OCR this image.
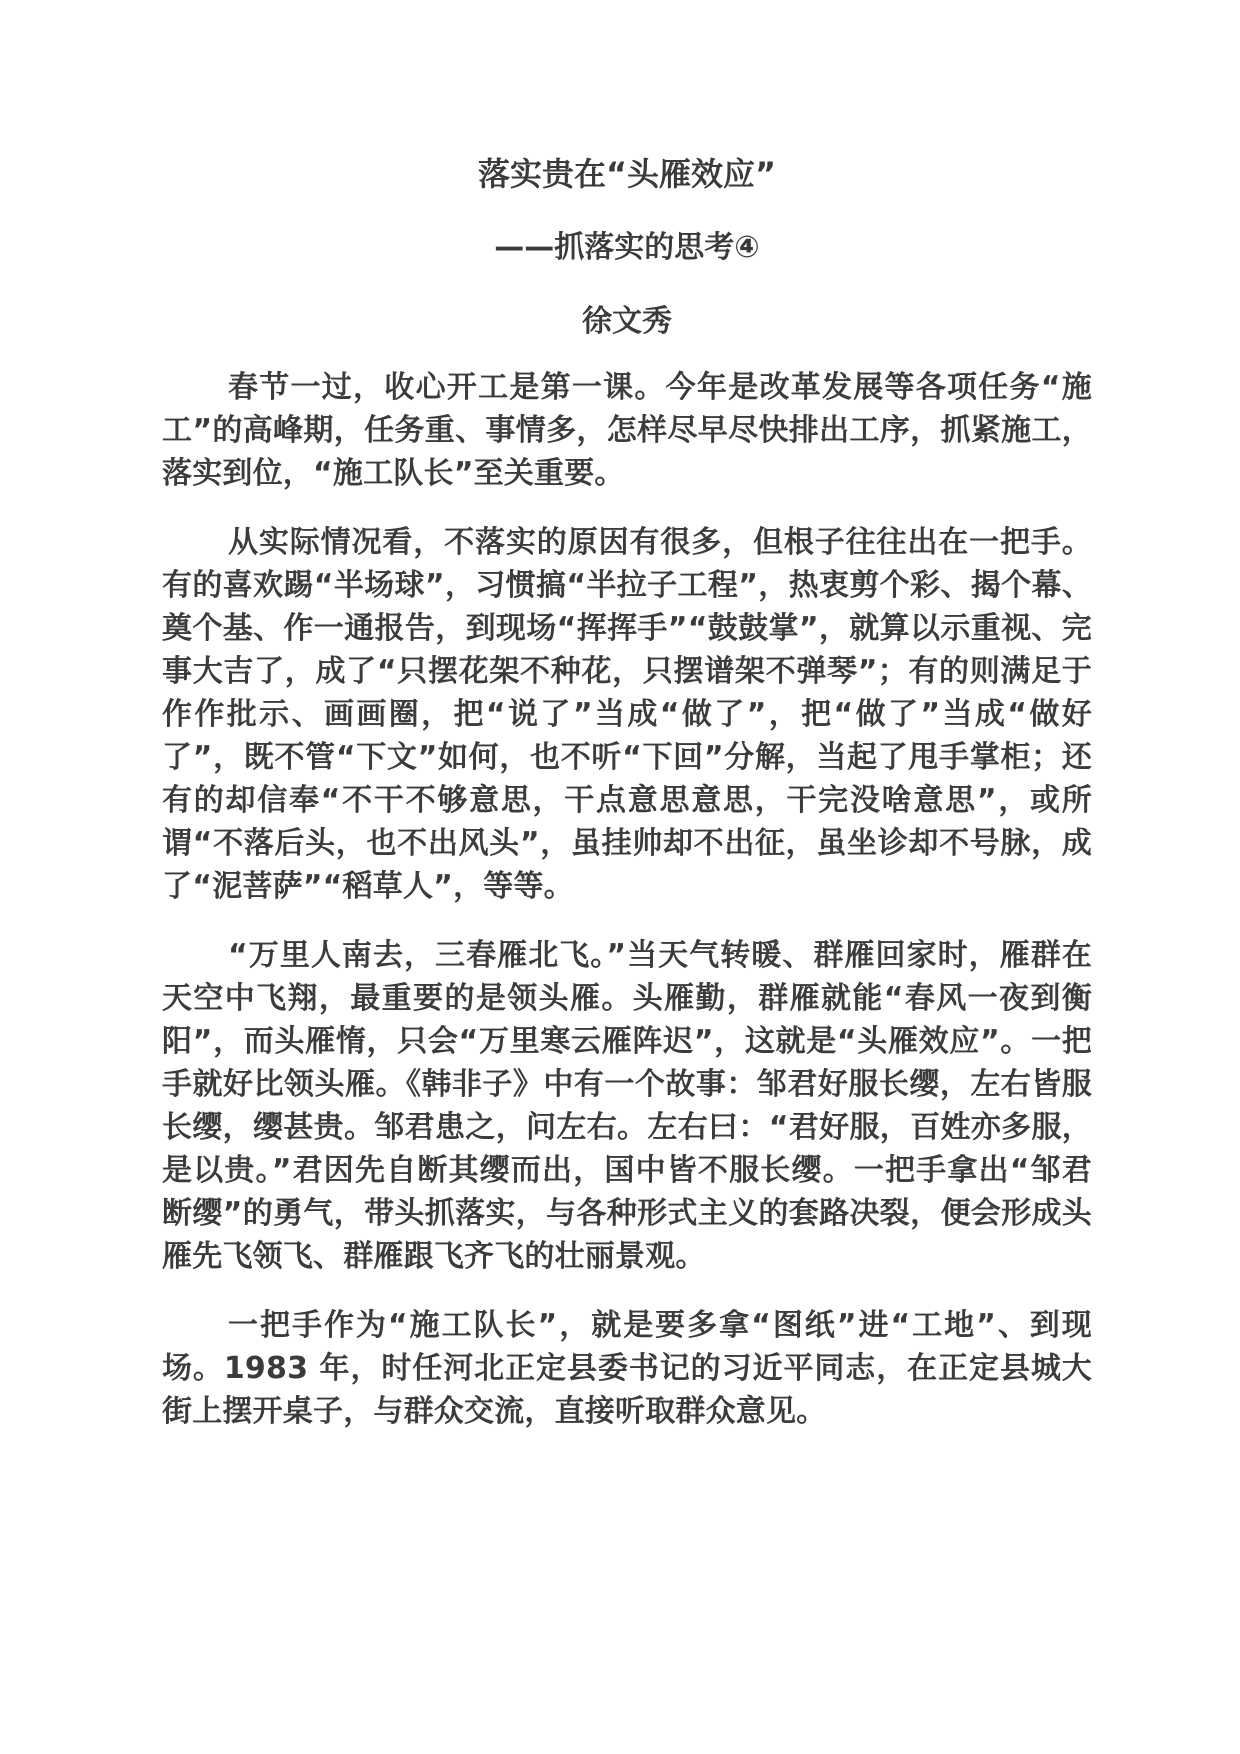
落实贵在“头雁效应”
——抓落实的思考④
徐文秀

春节一过，收心开工是第一课。今年是改革发展等各项任务“施工”的高峰期，任务重、事情多，怎样尽早尽快排出工序，抓紧施工，落实到位，“施工队长”至关重要。

从实际情况看，不落实的原因有很多，但根子往往出在一把手。有的喜欢踢“半场球”，习惯搞“半拉子工程”，热衷剪个彩、揭个幕、奠个基、作一通报告，到现场“挥挥手”“鼓鼓掌”，就算以示重视、完事大吉了，成了“只摆花架不种花，只摆谱架不弹琴”；有的则满足于作作批示、画画圈，把“说了”当成“做了”，把“做了”当成“做好了”，既不管“下文”如何，也不听“下回”分解，当起了甩手掌柜；还有的却信奉“不干不够意思，干点意思意思，干完没啥意思”，或所谓“不落后头，也不出风头”，虽挂帅却不出征，虽坐诊却不号脉，成了“泥菩萨”“稻草人”，等等。

“万里人南去，三春雁北飞。”当天气转暖、群雁回家时，雁群在天空中飞翔，最重要的是领头雁。头雁勤，群雁就能“春风一夜到衡阳”，而头雁惰，只会“万里寒云雁阵迟”，这就是“头雁效应”。一把手就好比领头雁。《韩非子》中有一个故事：邹君好服长缨，左右皆服长缨，缨甚贵。邹君患之，问左右。左右曰：“君好服，百姓亦多服，是以贵。”君因先自断其缨而出，国中皆不服长缨。一把手拿出“邹君断缨”的勇气，带头抓落实，与各种形式主义的套路决裂，便会形成头雁先飞领飞、群雁跟飞齐飞的壮丽景观。

一把手作为“施工队长”，就是要多拿“图纸”进“工地”、到现场。1983 年，时任河北正定县委书记的习近平同志，在正定县城大街上摆开桌子，与群众交流，直接听取群众意见。
